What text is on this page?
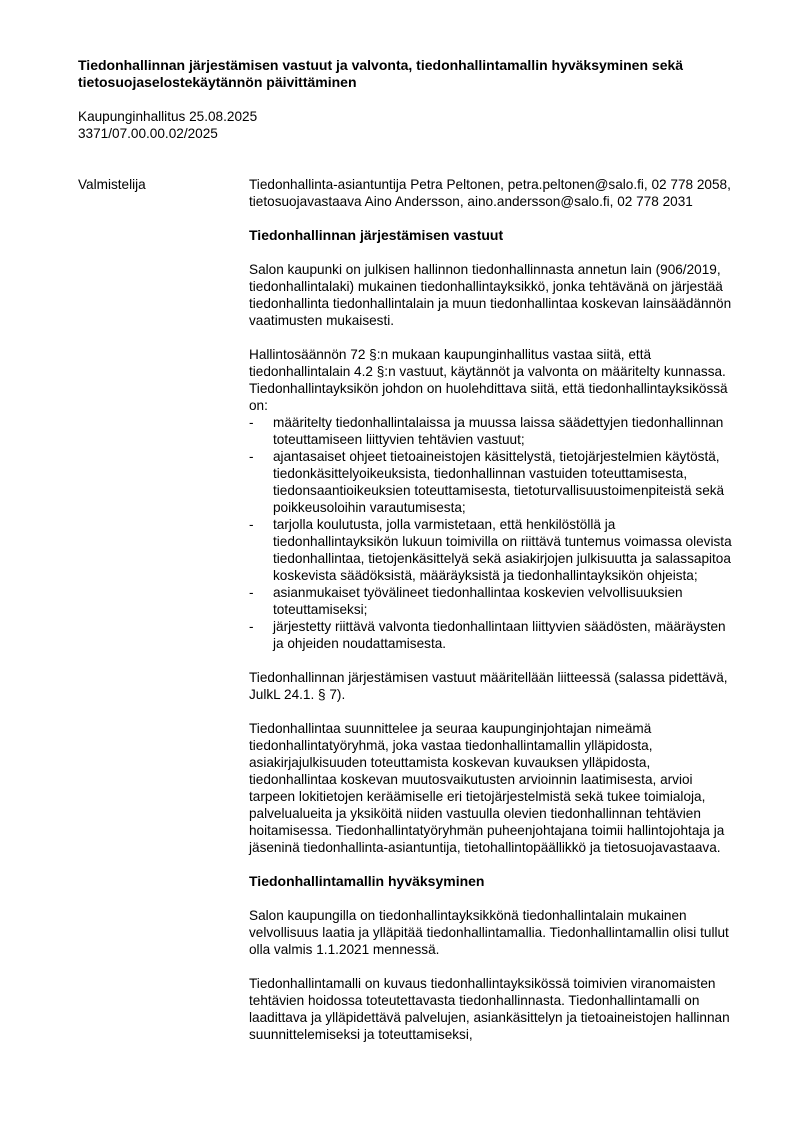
Tiedonhallinnan järjestämisen vastuut ja valvonta, tiedonhallintamallin hyväksyminen sekä tietosuojaselostekäytännön päivittäminen
Kaupunginhallitus 25.08.2025
3371/07.00.00.02/2025
Valmistelija	Tiedonhallinta-asiantuntija Petra Peltonen, petra.peltonen@salo.fi, 02 778 2058, tietosuojavastaava Aino Andersson, aino.andersson@salo.fi, 02 778 2031

Tiedonhallinnan järjestämisen vastuut

Salon kaupunki on julkisen hallinnon tiedonhallinnasta annetun lain (906/2019, tiedonhallintalaki) mukainen tiedonhallintayksikkö, jonka tehtävänä on järjestää tiedonhallinta tiedonhallintalain ja muun tiedonhallintaa koskevan lainsäädännön vaatimusten mukaisesti.

Hallintosäännön 72 §:n mukaan kaupunginhallitus vastaa siitä, että tiedonhallintalain 4.2 §:n vastuut, käytännöt ja valvonta on määritelty kunnassa. Tiedonhallintayksikön johdon on huolehdittava siitä, että tiedonhallintayksikössä on:

- määritelty tiedonhallintalaissa ja muussa laissa säädettyjen tiedonhallinnan toteuttamiseen liittyvien tehtävien vastuut;
- ajantasaiset ohjeet tietoaineistojen käsittelystä, tietojärjestelmien käytöstä, tiedonkäsittelyoikeuksista, tiedonhallinnan vastuiden toteuttamisesta, tiedonsaantioikeuksien toteuttamisesta, tietoturvallisuustoimenpiteistä sekä poikkeusoloihin varautumisesta;
- tarjolla koulutusta, jolla varmistetaan, että henkilöstöllä ja tiedonhallintayksikön lukuun toimivilla on riittävä tuntemus voimassa olevista tiedonhallintaa, tietojenkäsittelyä sekä asiakirjojen julkisuutta ja salassapitoa koskevista säädöksistä, määräyksistä ja tiedonhallintayksikön ohjeista;
- asianmukaiset työvälineet tiedonhallintaa koskevien velvollisuuksien toteuttamiseksi;
- järjestetty riittävä valvonta tiedonhallintaan liittyvien säädösten, määräysten ja ohjeiden noudattamisesta.

Tiedonhallinnan järjestämisen vastuut määritellään liitteessä (salassa pidettävä, JulkL 24.1. § 7).

Tiedonhallintaa suunnittelee ja seuraa kaupunginjohtajan nimeämä tiedonhallintatyöryhmä, joka vastaa tiedonhallintamallin ylläpidosta, asiakirjajulkisuuden toteuttamista koskevan kuvauksen ylläpidosta, tiedonhallintaa koskevan muutosvaikutusten arvioinnin laatimisesta, arvioi tarpeen lokitietojen keräämiselle eri tietojärjestelmistä sekä tukee toimialoja, palvelualueita ja yksiköitä niiden vastuulla olevien tiedonhallinnan tehtävien hoitamisessa. Tiedonhallintatyöryhmän puheenjohtajana toimii hallintojohtaja ja jäseninä tiedonhallinta-asiantuntija, tietohallintopäällikkö ja tietosuojavastaava.

Tiedonhallintamallin hyväksyminen

Salon kaupungilla on tiedonhallintayksikkönä tiedonhallintalain mukainen velvollisuus laatia ja ylläpitää tiedonhallintamallia. Tiedonhallintamallin olisi tullut olla valmis 1.1.2021 mennessä.

Tiedonhallintamalli on kuvaus tiedonhallintayksikössä toimivien viranomaisten tehtävien hoidossa toteutettavasta tiedonhallinnasta. Tiedonhallintamalli on laadittava ja ylläpidettävä palvelujen, asiankäsittelyn ja tietoaineistojen hallinnan suunnittelemiseksi ja toteuttamiseksi,
